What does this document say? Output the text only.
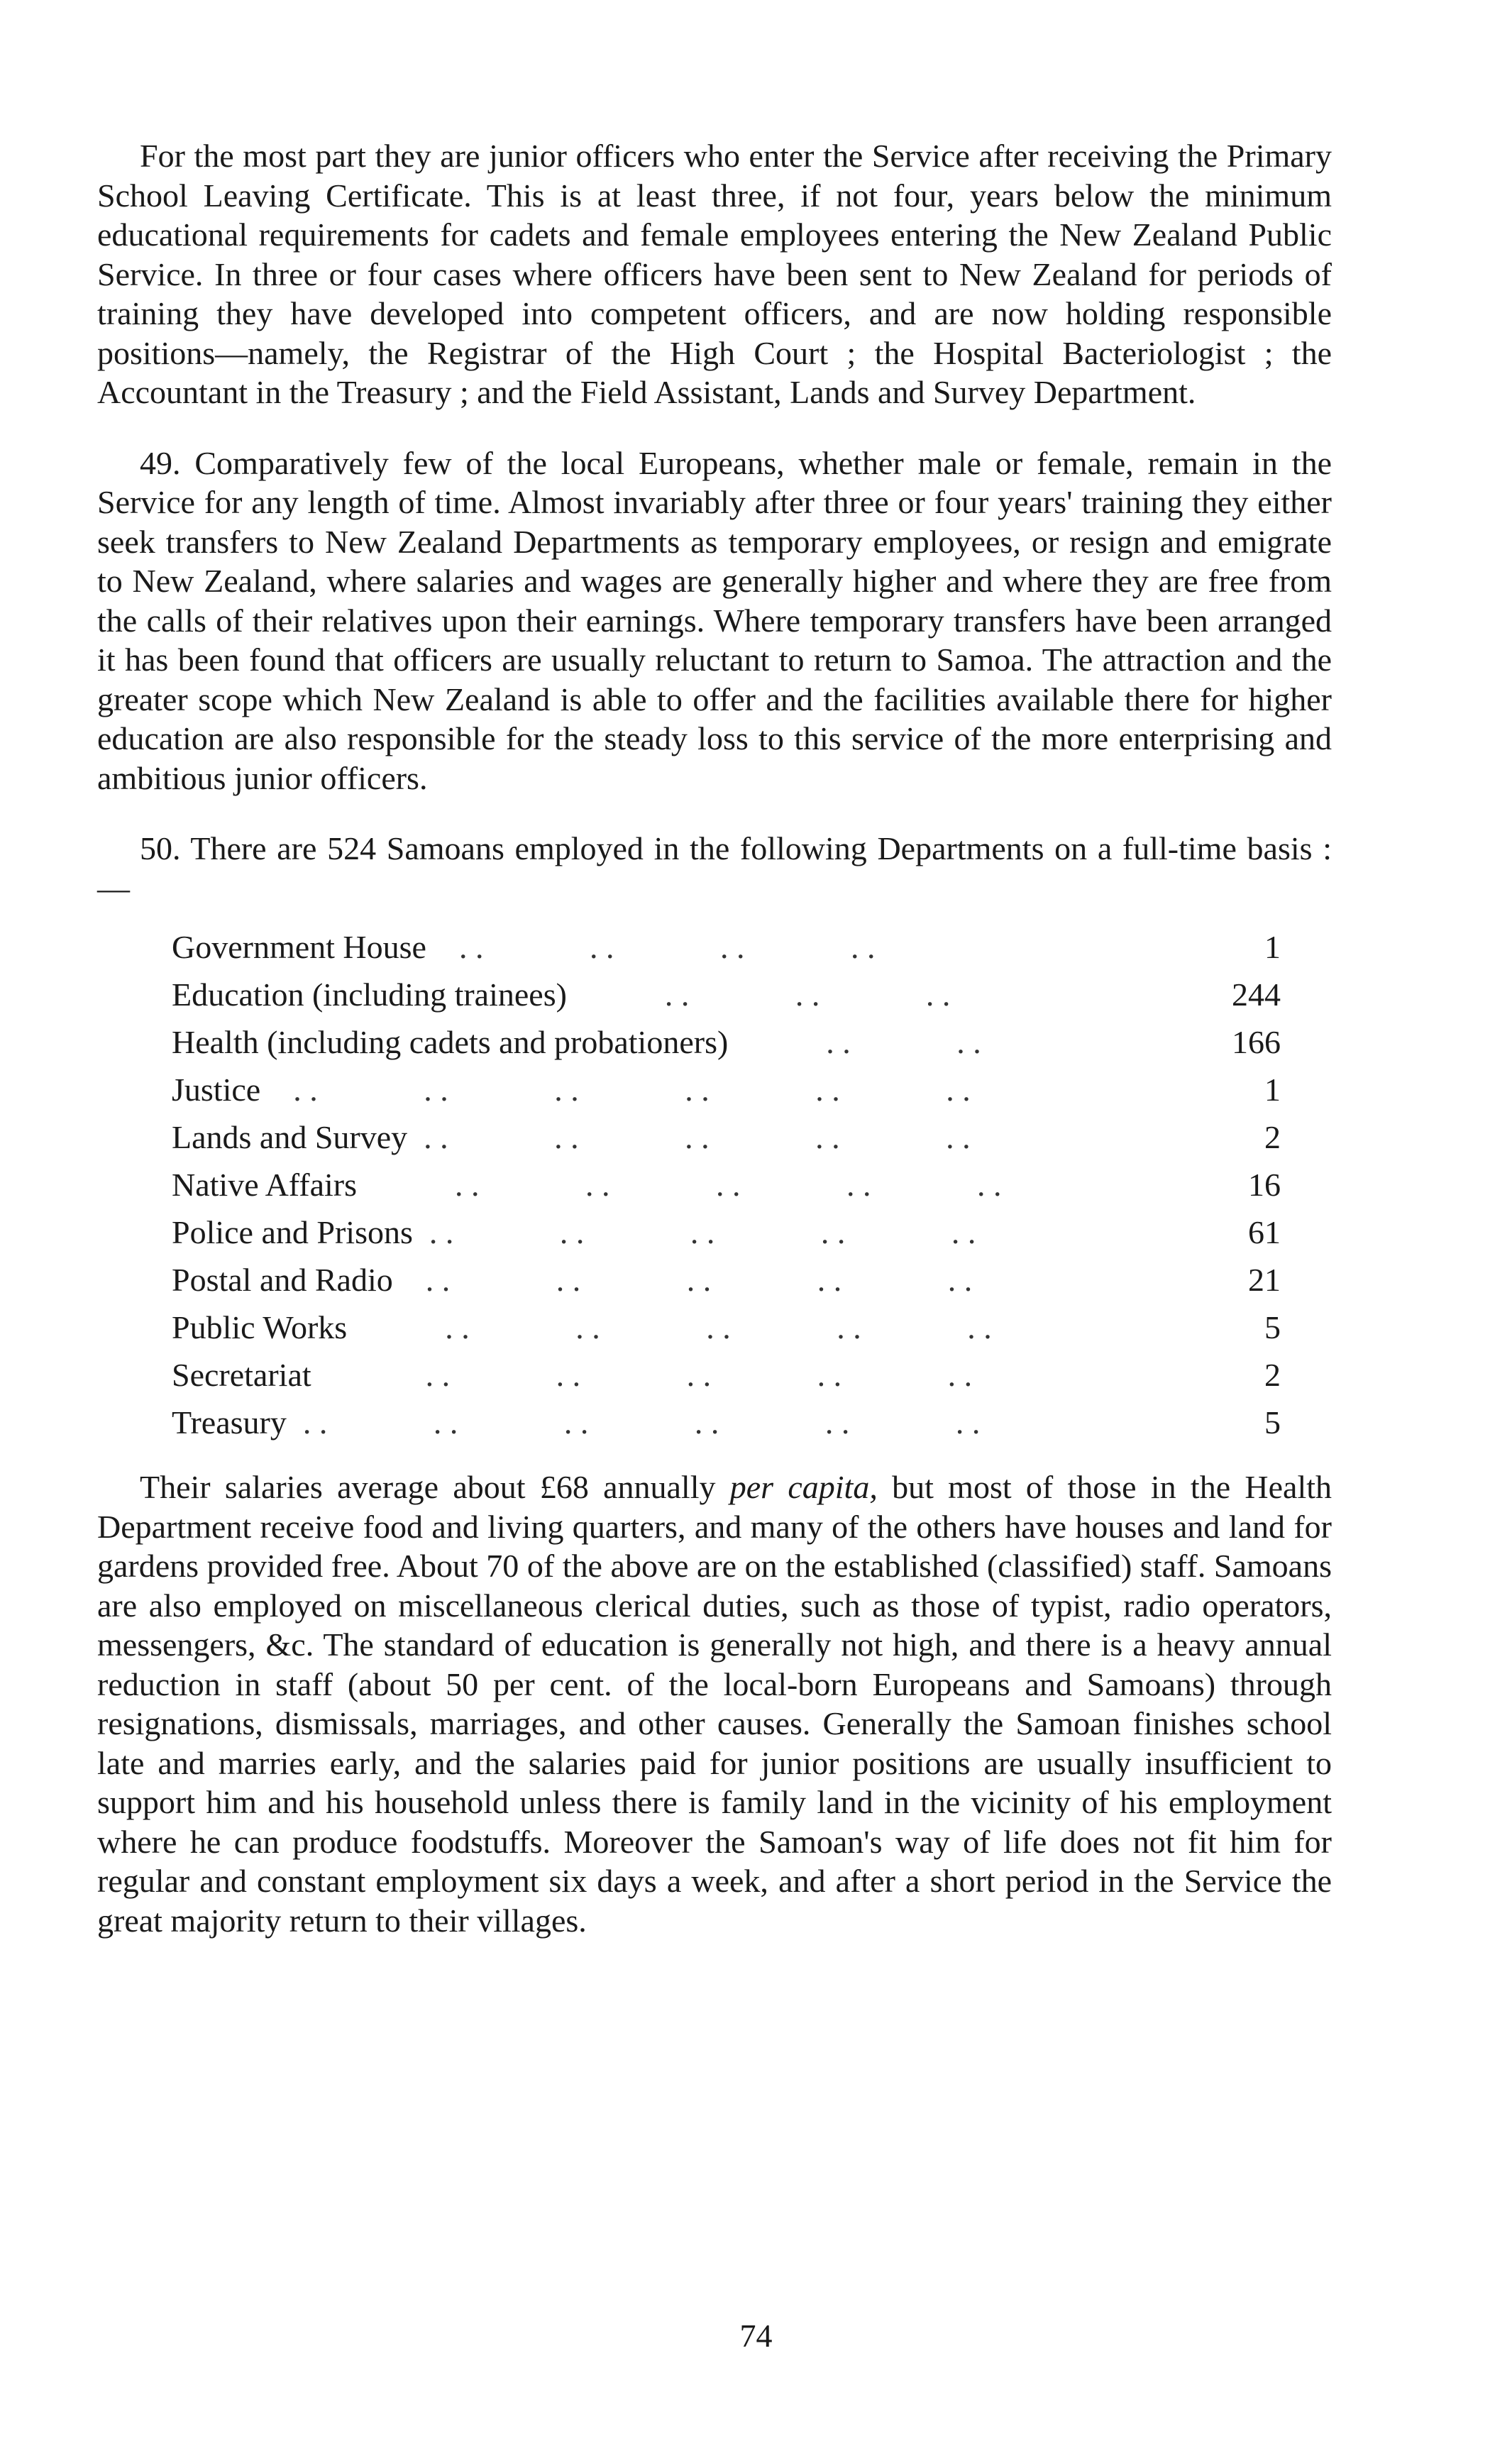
For the most part they are junior officers who enter the Service after receiving the Primary School Leaving Certificate. This is at least three, if not four, years below the minimum educational requirements for cadets and female employees entering the New Zealand Public Service. In three or four cases where officers have been sent to New Zealand for periods of training they have developed into competent officers, and are now holding responsible positions—namely, the Registrar of the High Court ; the Hospital Bacteriologist ; the Accountant in the Treasury ; and the Field Assistant, Lands and Survey Department.

49. Comparatively few of the local Europeans, whether male or female, remain in the Service for any length of time. Almost invariably after three or four years' training they either seek transfers to New Zealand Departments as temporary employees, or resign and emigrate to New Zealand, where salaries and wages are generally higher and where they are free from the calls of their relatives upon their earnings. Where temporary transfers have been arranged it has been found that officers are usually reluctant to return to Samoa. The attraction and the greater scope which New Zealand is able to offer and the facilities available there for higher education are also responsible for the steady loss to this service of the more enterprising and ambitious junior officers.

50. There are 524 Samoans employed in the following Departments on a full-time basis :—

Government House  ..      ..      ..      ..	1
Education (including trainees)      ..      ..      ..	244
Health (including cadets and probationers)      ..      ..	166
Justice  ..      ..      ..      ..      ..      ..	1
Lands and Survey ..      ..      ..      ..      ..	2
Native Affairs      ..      ..      ..      ..      ..	16
Police and Prisons ..      ..      ..      ..      ..	61
Postal and Radio  ..      ..      ..      ..      ..	21
Public Works      ..      ..      ..      ..      ..	5
Secretariat       ..      ..      ..      ..      ..	2
Treasury ..      ..      ..      ..      ..      ..	5

Their salaries average about £68 annually per capita, but most of those in the Health Department receive food and living quarters, and many of the others have houses and land for gardens provided free. About 70 of the above are on the established (classified) staff. Samoans are also employed on miscellaneous clerical duties, such as those of typist, radio operators, messengers, &c. The standard of education is generally not high, and there is a heavy annual reduction in staff (about 50 per cent. of the local-born Europeans and Samoans) through resignations, dismissals, marriages, and other causes. Generally the Samoan finishes school late and marries early, and the salaries paid for junior positions are usually insufficient to support him and his household unless there is family land in the vicinity of his employment where he can produce foodstuffs. Moreover the Samoan's way of life does not fit him for regular and constant employment six days a week, and after a short period in the Service the great majority return to their villages.

74
